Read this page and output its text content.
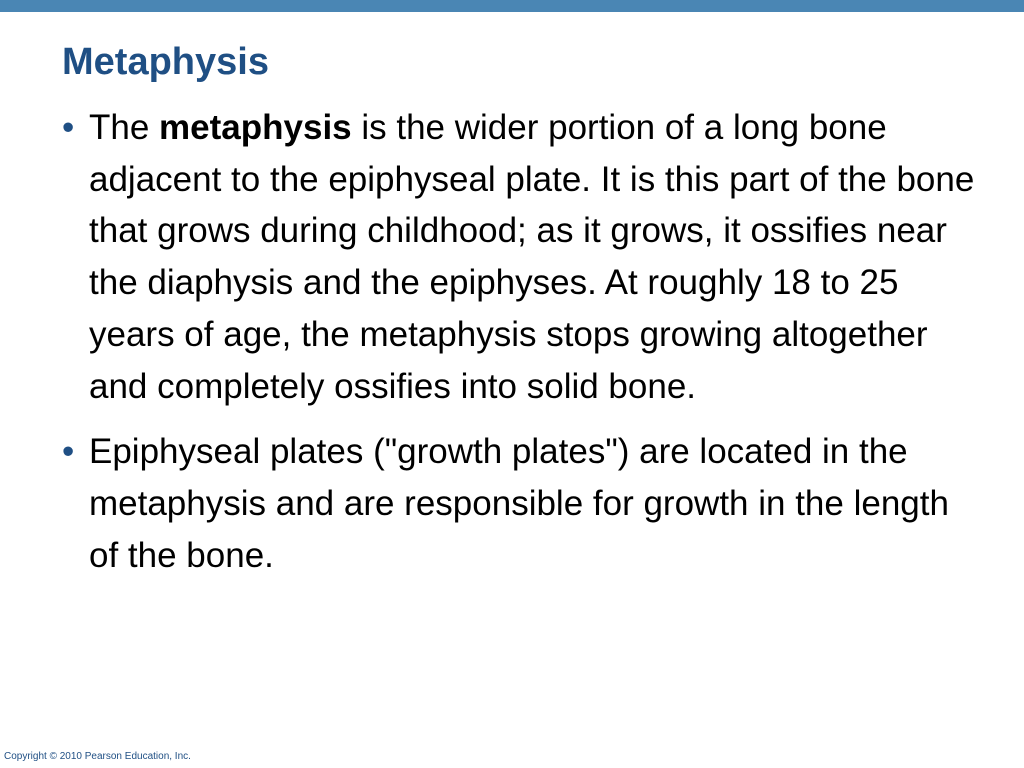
Metaphysis
• The metaphysis is the wider portion of a long bone adjacent to the epiphyseal plate. It is this part of the bone that grows during childhood; as it grows, it ossifies near the diaphysis and the epiphyses. At roughly 18 to 25 years of age, the metaphysis stops growing altogether and completely ossifies into solid bone.
• Epiphyseal plates ("growth plates") are located in the metaphysis and are responsible for growth in the length of the bone.
Copyright © 2010 Pearson Education, Inc.
